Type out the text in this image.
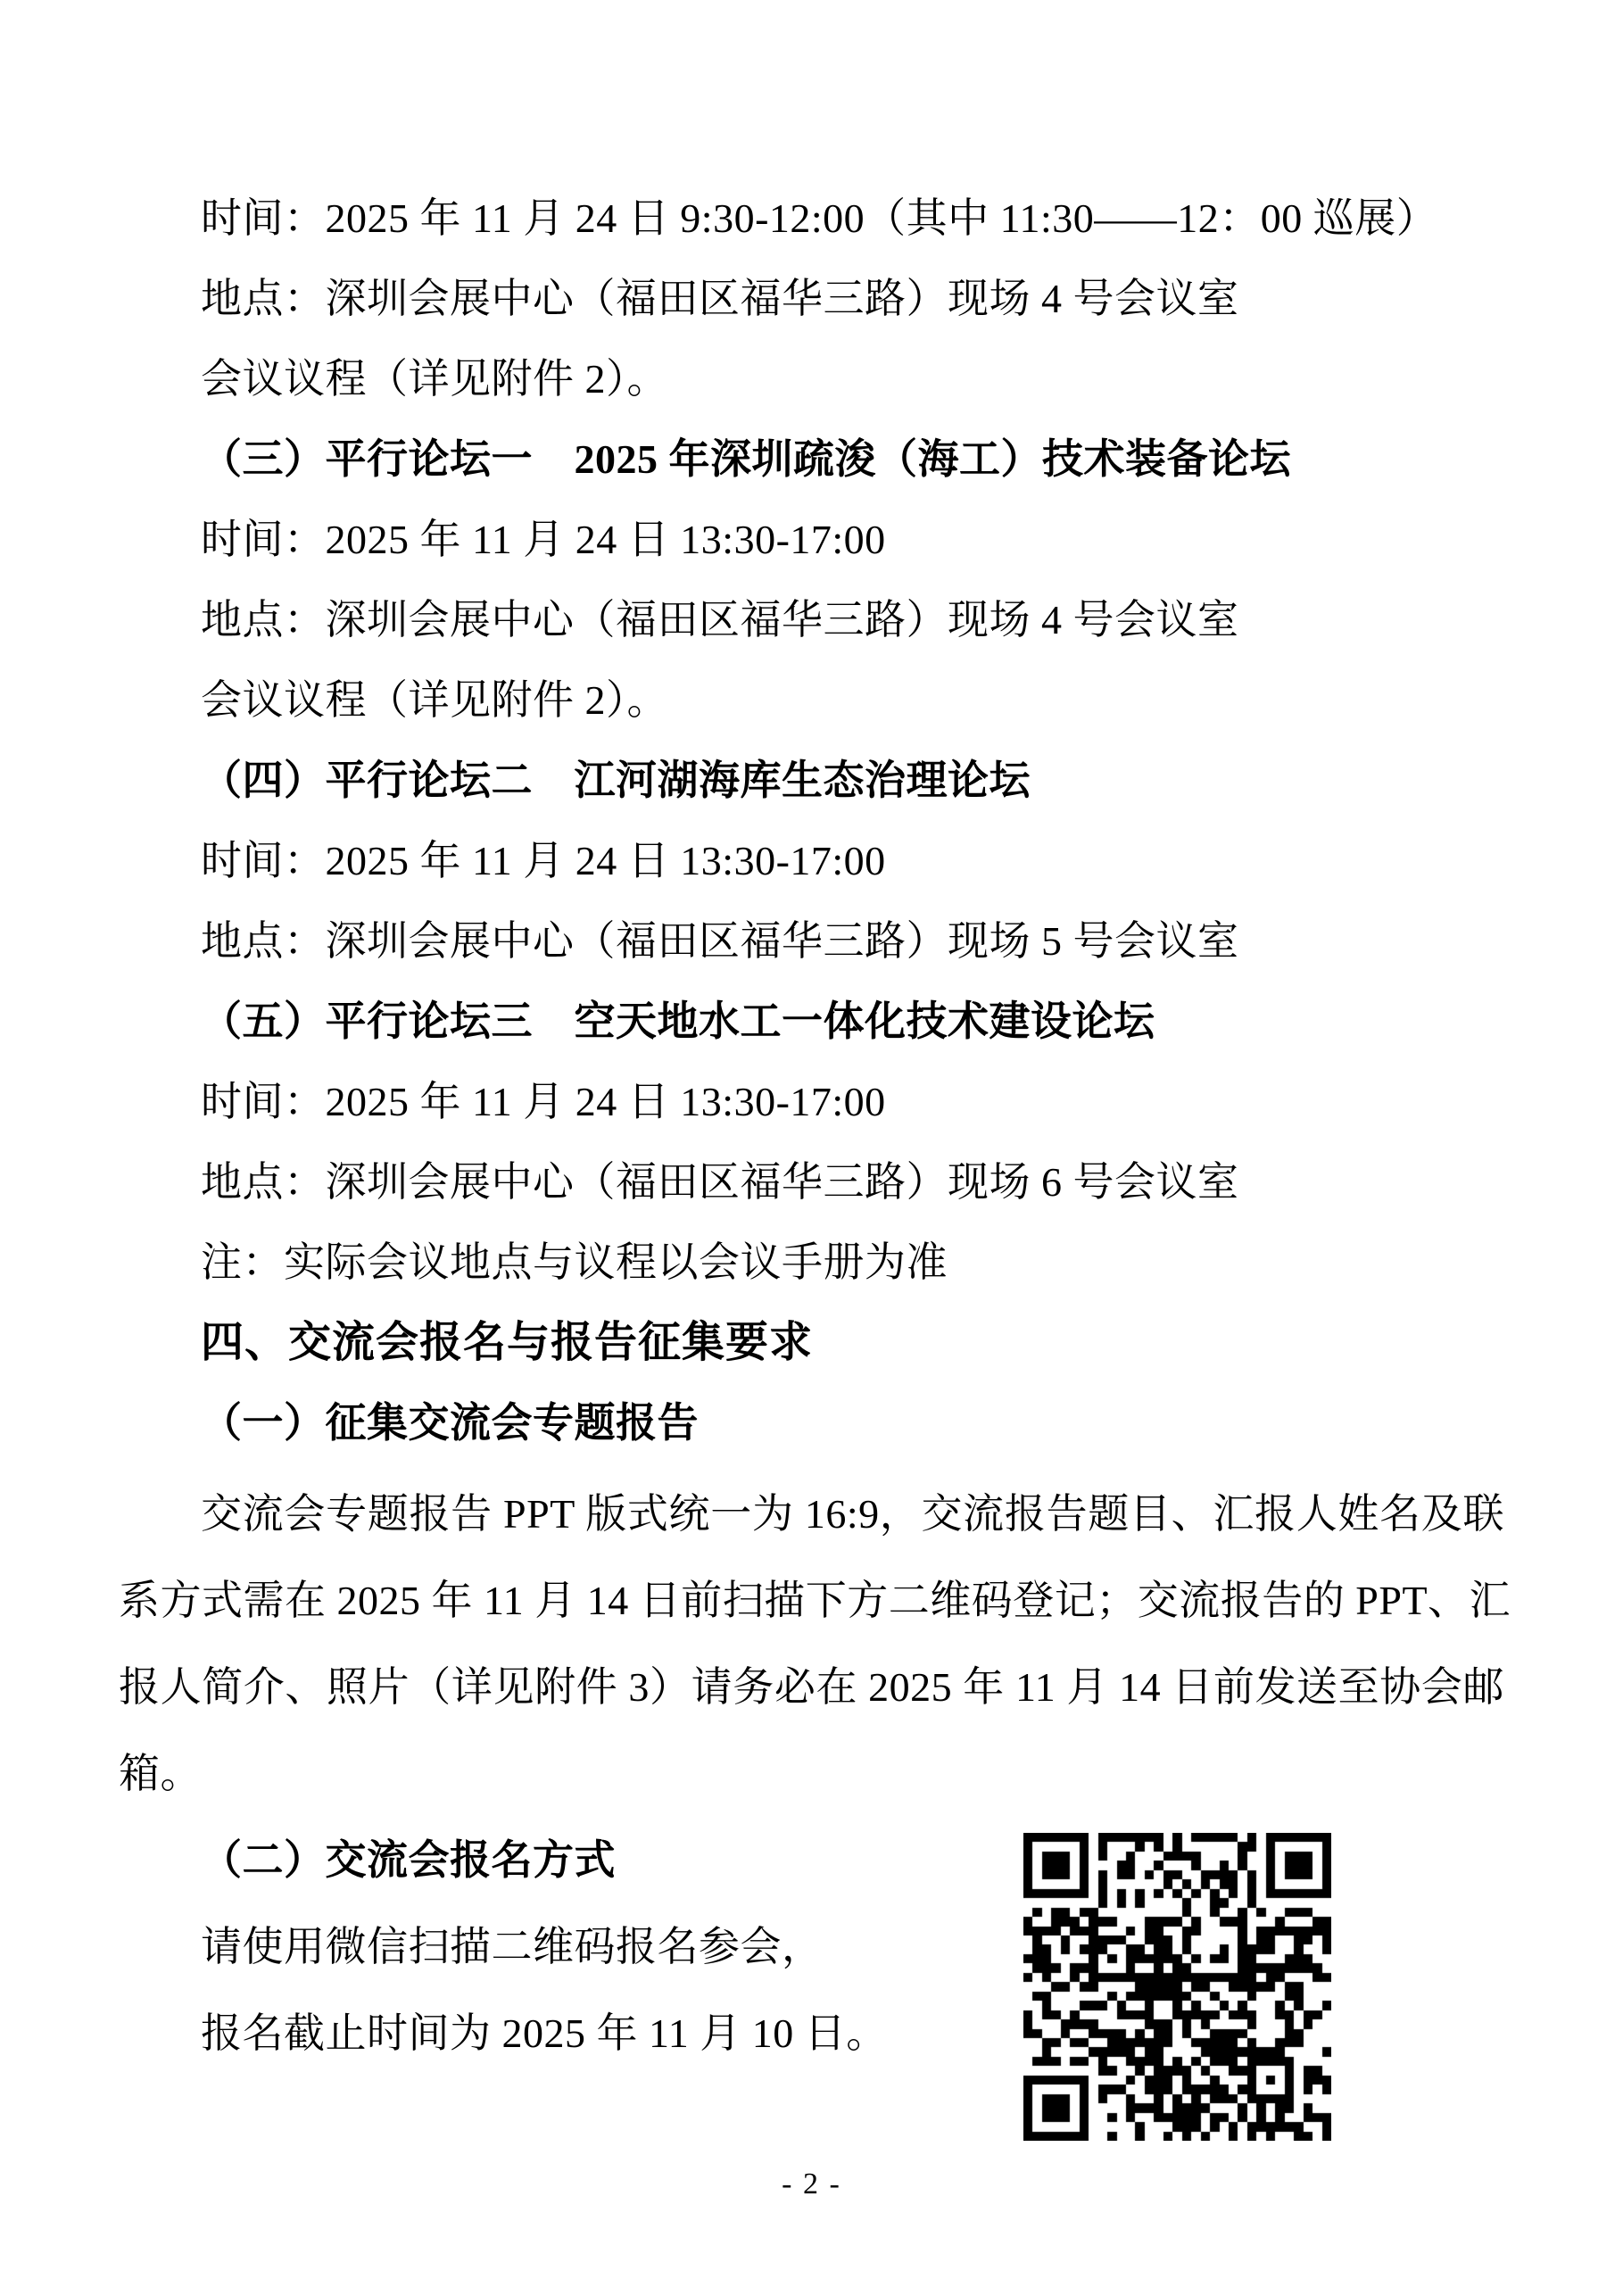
时间：2025 年 11 月 24 日 9:30-12:00（其中 11:30——12：00 巡展）
地点：深圳会展中心（福田区福华三路）现场 4 号会议室
会议议程（详见附件 2）。
（三）平行论坛一　2025 年深圳疏浚（海工）技术装备论坛
时间：2025 年 11 月 24 日 13:30-17:00
地点：深圳会展中心（福田区福华三路）现场 4 号会议室
会议议程（详见附件 2）。
（四）平行论坛二　江河湖海库生态治理论坛
时间：2025 年 11 月 24 日 13:30-17:00
地点：深圳会展中心（福田区福华三路）现场 5 号会议室
（五）平行论坛三　空天地水工一体化技术建设论坛
时间：2025 年 11 月 24 日 13:30-17:00
地点：深圳会展中心（福田区福华三路）现场 6 号会议室
注：实际会议地点与议程以会议手册为准
四、交流会报名与报告征集要求
（一）征集交流会专题报告
交流会专题报告 PPT 版式统一为 16:9，交流报告题目、汇报人姓名及联
系方式需在 2025 年 11 月 14 日前扫描下方二维码登记；交流报告的 PPT、汇
报人简介、照片（详见附件 3）请务必在 2025 年 11 月 14 日前发送至协会邮
箱。
（二）交流会报名方式
请使用微信扫描二维码报名参会，
报名截止时间为 2025 年 11 月 10 日。
- 2 -
